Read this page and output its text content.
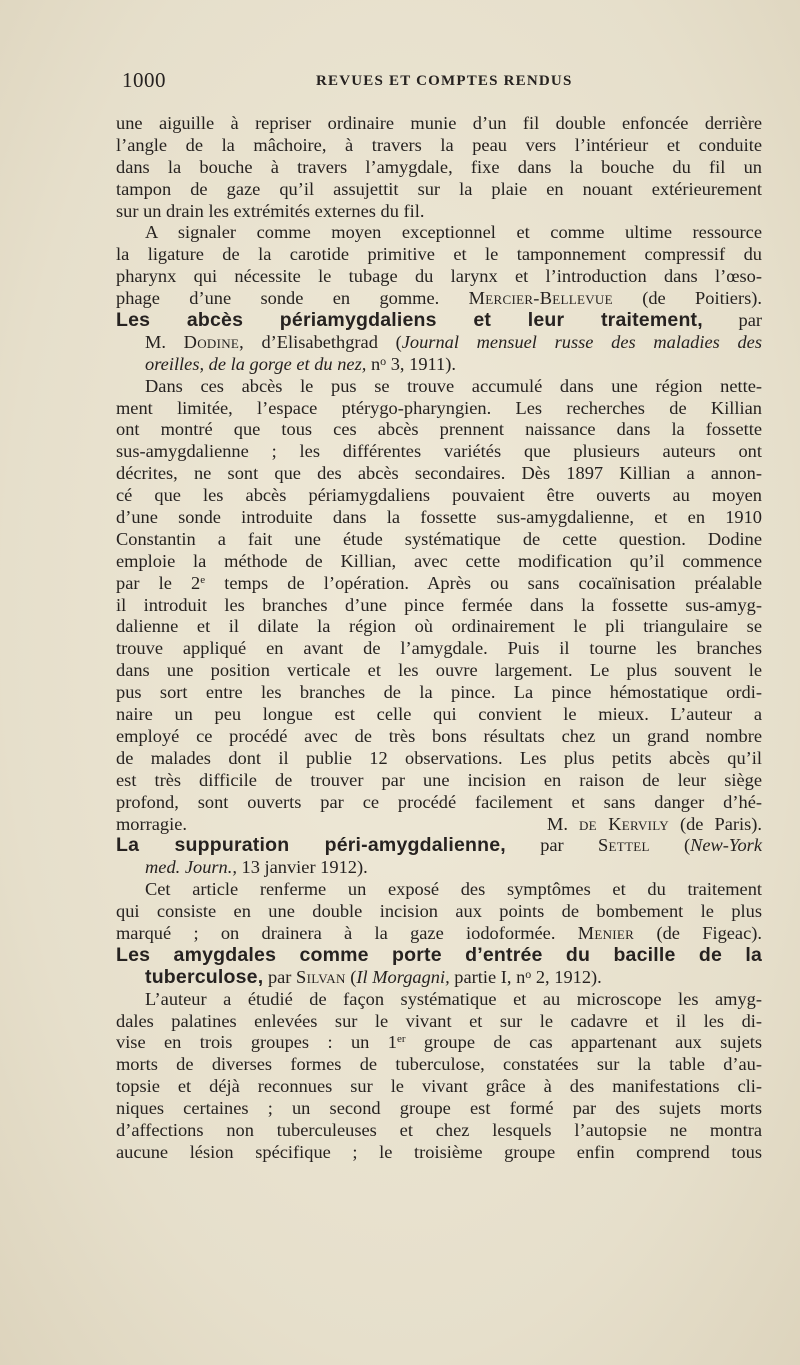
1000	REVUES ET COMPTES RENDUS
une aiguille à repriser ordinaire munie d’un fil double enfoncée derrière
l’angle de la mâchoire, à travers la peau vers l’intérieur et conduite
dans la bouche à travers l’amygdale, fixe dans la bouche du fil un
tampon de gaze qu’il assujettit sur la plaie en nouant extérieurement
sur un drain les extrémités externes du fil.
A signaler comme moyen exceptionnel et comme ultime ressource
la ligature de la carotide primitive et le tamponnement compressif du
pharynx qui nécessite le tubage du larynx et l’introduction dans l’œso-
phage d’une sonde en gomme. Mercier-Bellevue (de Poitiers).
Les abcès périamygdaliens et leur traitement, par
M. Dodine, d’Elisabethgrad (Journal mensuel russe des maladies des
oreilles, de la gorge et du nez, $n^o$ 3, 1911).
Dans ces abcès le pus se trouve accumulé dans une région nette-
ment limitée, l’espace ptérygo-pharyngien. Les recherches de Killian
ont montré que tous ces abcès prennent naissance dans la fossette
sus-amygdalienne ; les différentes variétés que plusieurs auteurs ont
décrites, ne sont que des abcès secondaires. Dès 1897 Killian a annon-
cé que les abcès périamygdaliens pouvaient être ouverts au moyen
d’une sonde introduite dans la fossette sus-amygdalienne, et en 1910
Constantin a fait une étude systématique de cette question. Dodine
emploie la méthode de Killian, avec cette modification qu’il commence
par le 2e temps de l’opération. Après ou sans cocaïnisation préalable
il introduit les branches d’une pince fermée dans la fossette sus-amyg-
dalienne et il dilate la région où ordinairement le pli triangulaire se
trouve appliqué en avant de l’amygdale. Puis il tourne les branches
dans une position verticale et les ouvre largement. Le plus souvent le
pus sort entre les branches de la pince. La pince hémostatique ordi-
naire un peu longue est celle qui convient le mieux. L’auteur a
employé ce procédé avec de très bons résultats chez un grand nombre
de malades dont il publie 12 observations. Les plus petits abcès qu’il
est très difficile de trouver par une incision en raison de leur siège
profond, sont ouverts par ce procédé facilement et sans danger d’hé-
morragie.	M. de Kervily (de Paris).
La suppuration péri-amygdalienne, par Settel (New-York
med. Journ., 13 janvier 1912).
Cet article renferme un exposé des symptômes et du traitement
qui consiste en une double incision aux points de bombement le plus
marqué ; on drainera à la gaze iodoformée. Menier (de Figeac).
Les amygdales comme porte d’entrée du bacille de la
tuberculose, par Silvan (Il Morgagni, partie I, $n^o$ 2, 1912).
L’auteur a étudié de façon systématique et au microscope les amyg-
dales palatines enlevées sur le vivant et sur le cadavre et il les di-
vise en trois groupes : un 1er groupe de cas appartenant aux sujets
morts de diverses formes de tuberculose, constatées sur la table d’au-
topsie et déjà reconnues sur le vivant grâce à des manifestations cli-
niques certaines ; un second groupe est formé par des sujets morts
d’affections non tuberculeuses et chez lesquels l’autopsie ne montra
aucune lésion spécifique ; le troisième groupe enfin comprend tous
